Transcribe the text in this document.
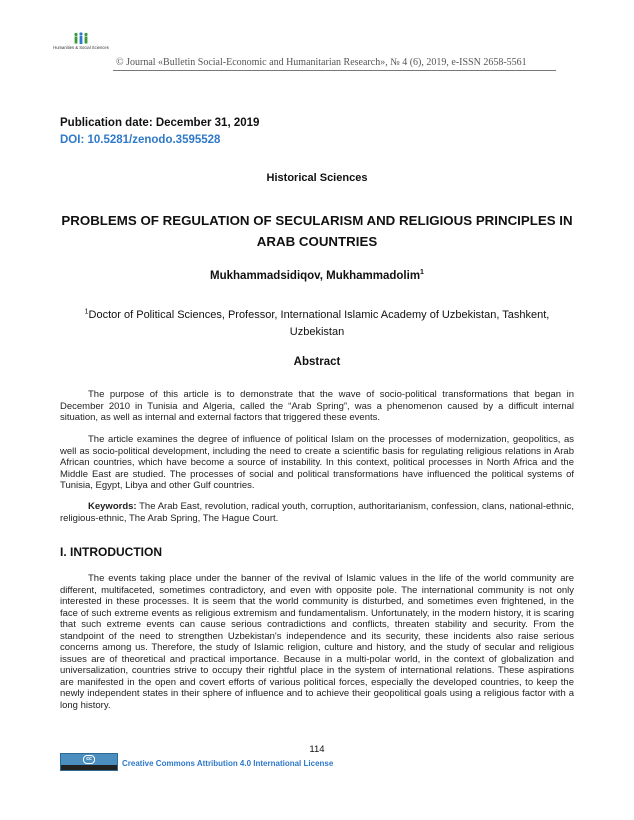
Humanities & Social Sciences
© Journal «Bulletin Social-Economic and Humanitarian Research», № 4 (6), 2019, e-ISSN 2658-5561
Publication date: December 31, 2019
DOI: 10.5281/zenodo.3595528
Historical Sciences
PROBLEMS OF REGULATION OF SECULARISM AND RELIGIOUS PRINCIPLES IN ARAB COUNTRIES
Mukhammadsidiqov, Mukhammadolim$^1$
$^1$Doctor of Political Sciences, Professor, International Islamic Academy of Uzbekistan, Tashkent, Uzbekistan
Abstract
The purpose of this article is to demonstrate that the wave of socio-political transformations that began in December 2010 in Tunisia and Algeria, called the “Arab Spring”, was a phenomenon caused by a difficult internal situation, as well as internal and external factors that triggered these events.
The article examines the degree of influence of political Islam on the processes of modernization, geopolitics, as well as socio-political development, including the need to create a scientific basis for regulating religious relations in Arab African countries, which have become a source of instability. In this context, political processes in North Africa and the Middle East are studied. The processes of social and political transformations have influenced the political systems of Tunisia, Egypt, Libya and other Gulf countries.
Keywords: The Arab East, revolution, radical youth, corruption, authoritarianism, confession, clans, national-ethnic, religious-ethnic, The Arab Spring, The Hague Court.
I. INTRODUCTION
The events taking place under the banner of the revival of Islamic values in the life of the world community are different, multifaceted, sometimes contradictory, and even with opposite pole. The international community is not only interested in these processes. It is seem that the world community is disturbed, and sometimes even frightened, in the face of such extreme events as religious extremism and fundamentalism. Unfortunately, in the modern history, it is scaring that such extreme events can cause serious contradictions and conflicts, threaten stability and security. From the standpoint of the need to strengthen Uzbekistan's independence and its security, these incidents also raise serious concerns among us. Therefore, the study of Islamic religion, culture and history, and the study of secular and religious issues are of theoretical and practical importance. Because in a multi-polar world, in the context of globalization and universalization, countries strive to occupy their rightful place in the system of international relations. These aspirations are manifested in the open and covert efforts of various political forces, especially the developed countries, to keep the newly independent states in their sphere of influence and to achieve their geopolitical goals using a religious factor with a long history.
114
cc	Creative Commons Attribution 4.0 International License
